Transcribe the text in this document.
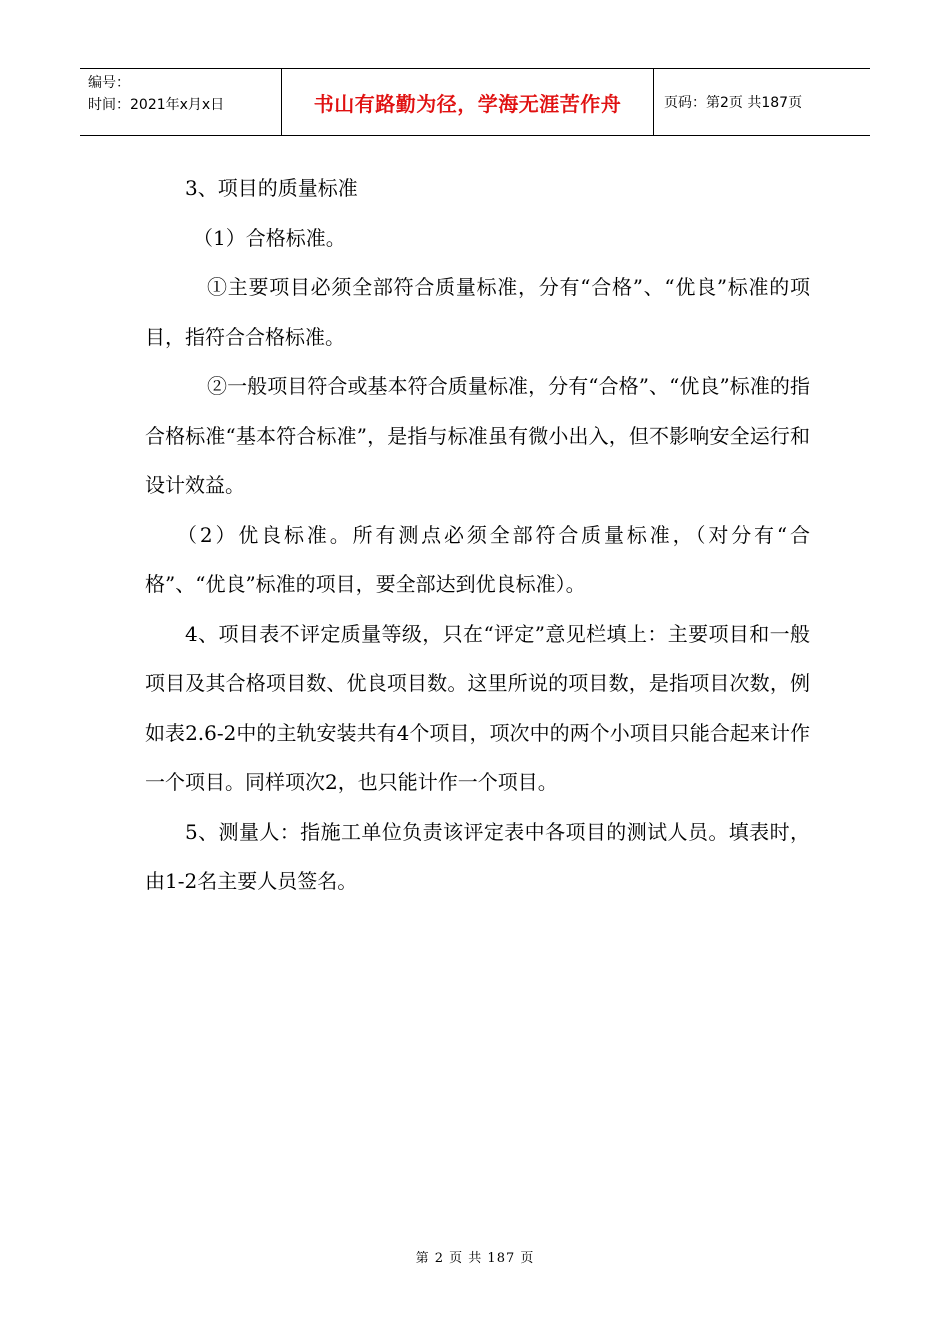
编号：
时间：2021年x月x日	书山有路勤为径，学海无涯苦作舟	页码：第2页 共187页

3、项目的质量标准

（1）合格标准。

①主要项目必须全部符合质量标准，分有“合格”、“优良”标准的项目，指符合合格标准。

②一般项目符合或基本符合质量标准，分有“合格”、“优良”标准的指合格标准“基本符合标准”，是指与标准虽有微小出入，但不影响安全运行和设计效益。

（2）优良标准。所有测点必须全部符合质量标准，（对分有“合格”、“优良”标准的项目，要全部达到优良标准）。

4、项目表不评定质量等级，只在“评定”意见栏填上：主要项目和一般项目及其合格项目数、优良项目数。这里所说的项目数，是指项目次数，例如表2.6-2中的主轨安装共有4个项目，项次中的两个小项目只能合起来计作一个项目。同样项次2，也只能计作一个项目。

5、测量人：指施工单位负责该评定表中各项目的测试人员。填表时，由1-2名主要人员签名。

第 2 页 共 187 页
